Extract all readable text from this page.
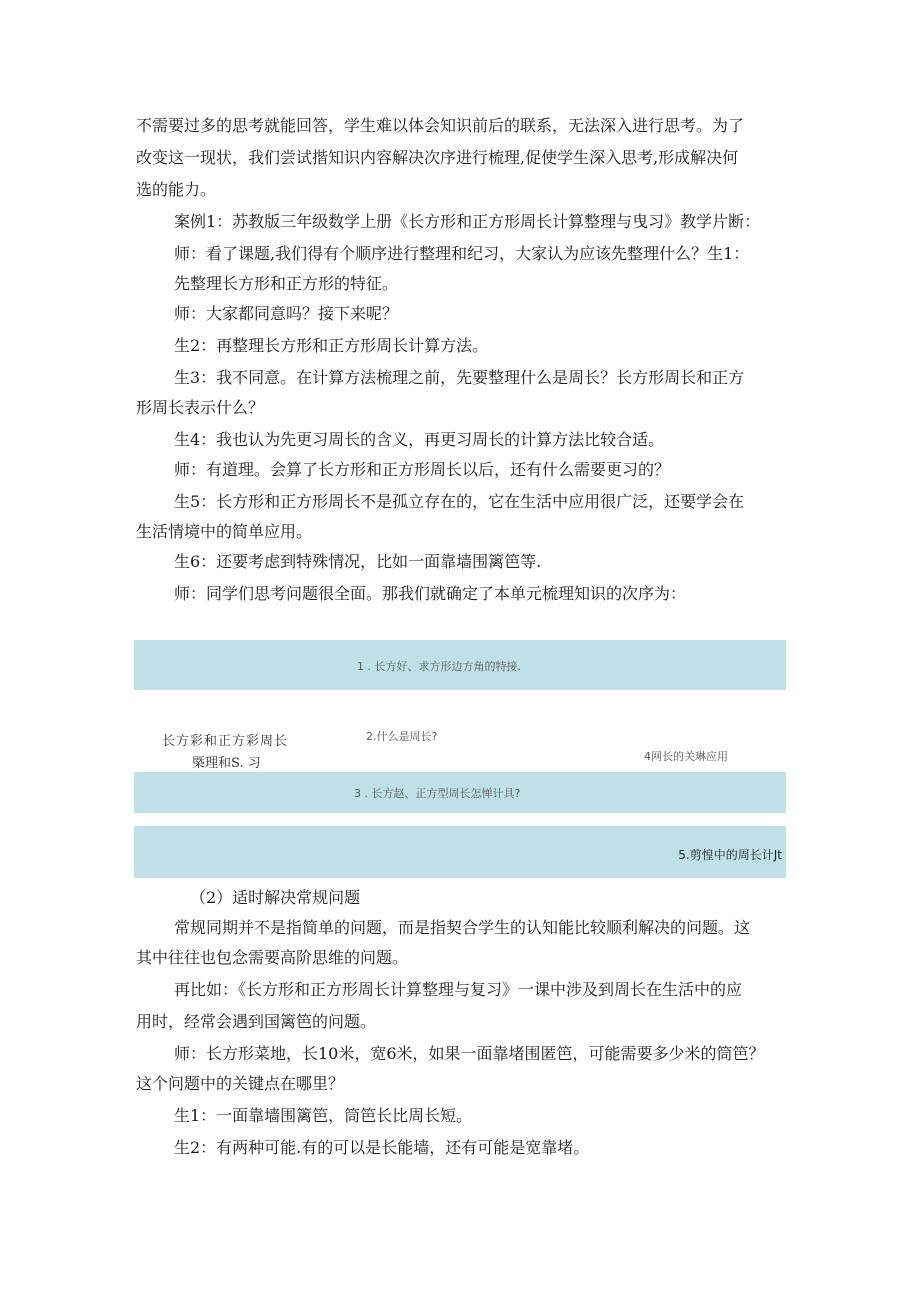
不需要过多的思考就能回答，学生难以体会知识前后的联系，无法深入进行思考。为了
改变这一现状，我们尝试揩知识内容解决次序进行梳理,促使学生深入思考,形成解决何
选的能力。
案例1：苏教版三年级数学上册《长方形和正方形周长计算整理与曳习》教学片断：
师：看了课题,我们得有个顺序进行整理和纪习，大家认为应该先整理什么？生1：
先整理长方形和正方形的特征。
师：大家都同意吗？接下来呢？
生2：再整理长方形和正方形周长计算方法。
生3：我不同意。在计算方法梳理之前，先要整理什么是周长？长方形周长和正方
形周长表示什么？
生4：我也认为先更习周长的含义，再更习周长的计算方法比较合适。
师：有道理。会算了长方形和正方形周长以后，还有什么需要更习的？
生5：长方形和正方形周长不是孤立存在的，它在生活中应用很广泛，还要学会在
生活情境中的简单应用。
生6：还要考虑到特殊情况，比如一面靠墙围篱笆等.
师：同学们思考问题很全面。那我们就确定了本单元梳理知识的次序为：
1 . 长方好、求方形边方角的特接.
长方彩和正方彩周长
槩理和S. 习
2.什么是周长?
4网长的关琳应用
3 . 长方赵、正方型周长怎惮计具?
5.剪惶中的周长计Jt
（2）适时解决常规问题
常规同期并不是指简单的问题，而是指契合学生的认知能比较顺利解决的问题。这
其中往往也包念需要高阶思维的问题。
再比如：《长方形和正方形周长计算整理与复习》一课中涉及到周长在生活中的应
用时，经常会遇到国篱笆的问题。
师：长方形菜地，长10米，宽6米，如果一面靠堵围匿笆，可能需要多少米的筒笆？
这个问题中的关键点在哪里？
生1：一面靠墙围篱笆，筒笆长比周长短。
生2：有两种可能.有的可以是长能墙，还有可能是宽靠堵。
